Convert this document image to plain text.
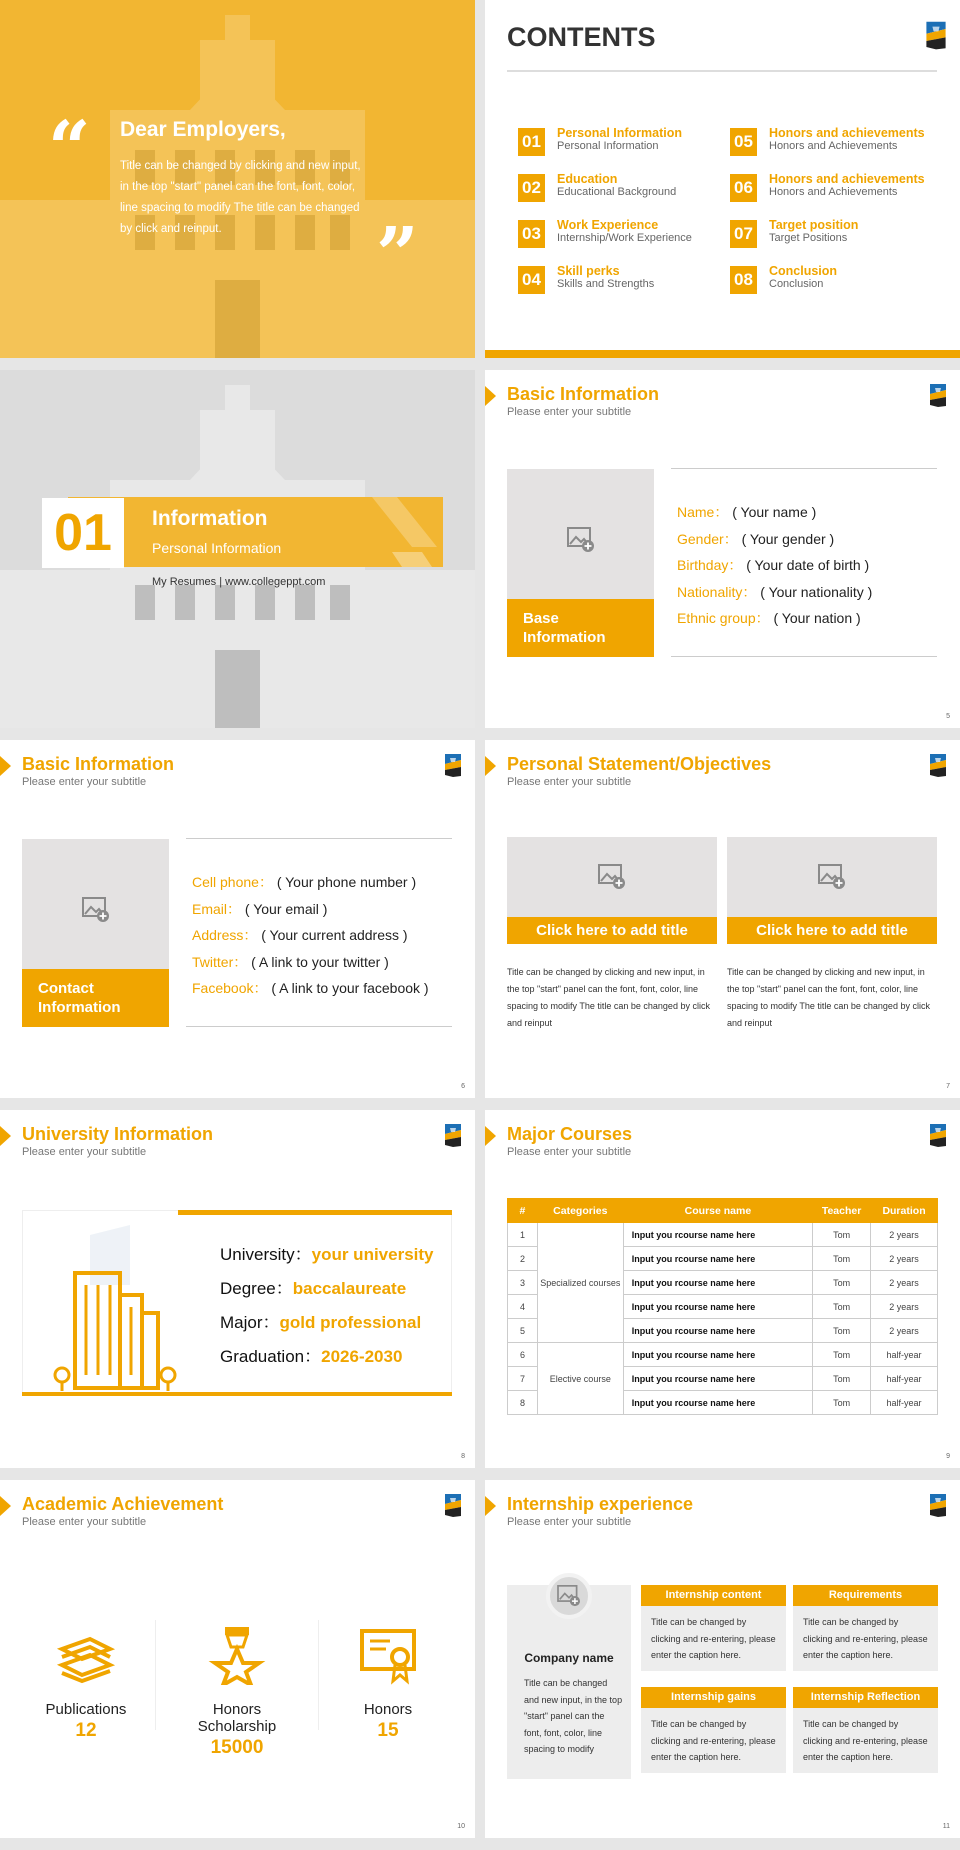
“ Dear Employers,
Title can be changed by clicking and new input, in the top "start" panel can the font, font, color, line spacing to modify The title can be changed by click and reinput.	”
CONTENTS
01	Personal Information
Personal Information
02	Education
Educational Background
03	Work Experience
Internship/Work Experience
04	Skill perks
Skills and Strengths
05	Honors and achievements
Honors and Achievements
06	Honors and achievements
Honors and Achievements
07	Target position
Target Positions
08	Conclusion
Conclusion
01	Information
Personal Information
My Resumes | www.collegeppt.com
Basic Information
Please enter your subtitle
Base Information
Name： ( Your name )
Gender： ( Your gender )
Birthday： ( Your date of birth )
Nationality： ( Your nationality )
Ethnic group： ( Your nation )
5
Basic Information
Please enter your subtitle
Contact Information
Cell phone： ( Your phone number )
Email： ( Your email )
Address： ( Your current address )
Twitter： ( A link to your twitter )
Facebook： ( A link to your facebook )
6
Personal Statement/Objectives
Please enter your subtitle
Click here to add title
Title can be changed by clicking and new input, in the top "start" panel can the font, font, color, line spacing to modify The title can be changed by click and reinput
Click here to add title
Title can be changed by clicking and new input, in the top "start" panel can the font, font, color, line spacing to modify The title can be changed by click and reinput
7
University Information
Please enter your subtitle
University：your university
Degree：baccalaureate
Major：gold professional
Graduation：2026-2030
8
Major Courses
Please enter your subtitle
#	Categories	Course name	Teacher	Duration
1	Specialized courses	Input you rcourse name here	Tom	2 years
2		Input you rcourse name here	Tom	2 years
3		Input you rcourse name here	Tom	2 years
4		Input you rcourse name here	Tom	2 years
5		Input you rcourse name here	Tom	2 years
6	Elective course	Input you rcourse name here	Tom	half-year
7		Input you rcourse name here	Tom	half-year
8		Input you rcourse name here	Tom	half-year
9
Academic Achievement
Please enter your subtitle
Publications
12
Honors Scholarship
15000
Honors
15
10
Internship experience
Please enter your subtitle
Company name
Title can be changed and new input, in the top "start" panel can the font, font, color, line spacing to modify
Internship content
Title can be changed by clicking and re-entering, please enter the caption here.
Requirements
Title can be changed by clicking and re-entering, please enter the caption here.
Internship gains
Title can be changed by clicking and re-entering, please enter the caption here.
Internship Reflection
Title can be changed by clicking and re-entering, please enter the caption here.
11
